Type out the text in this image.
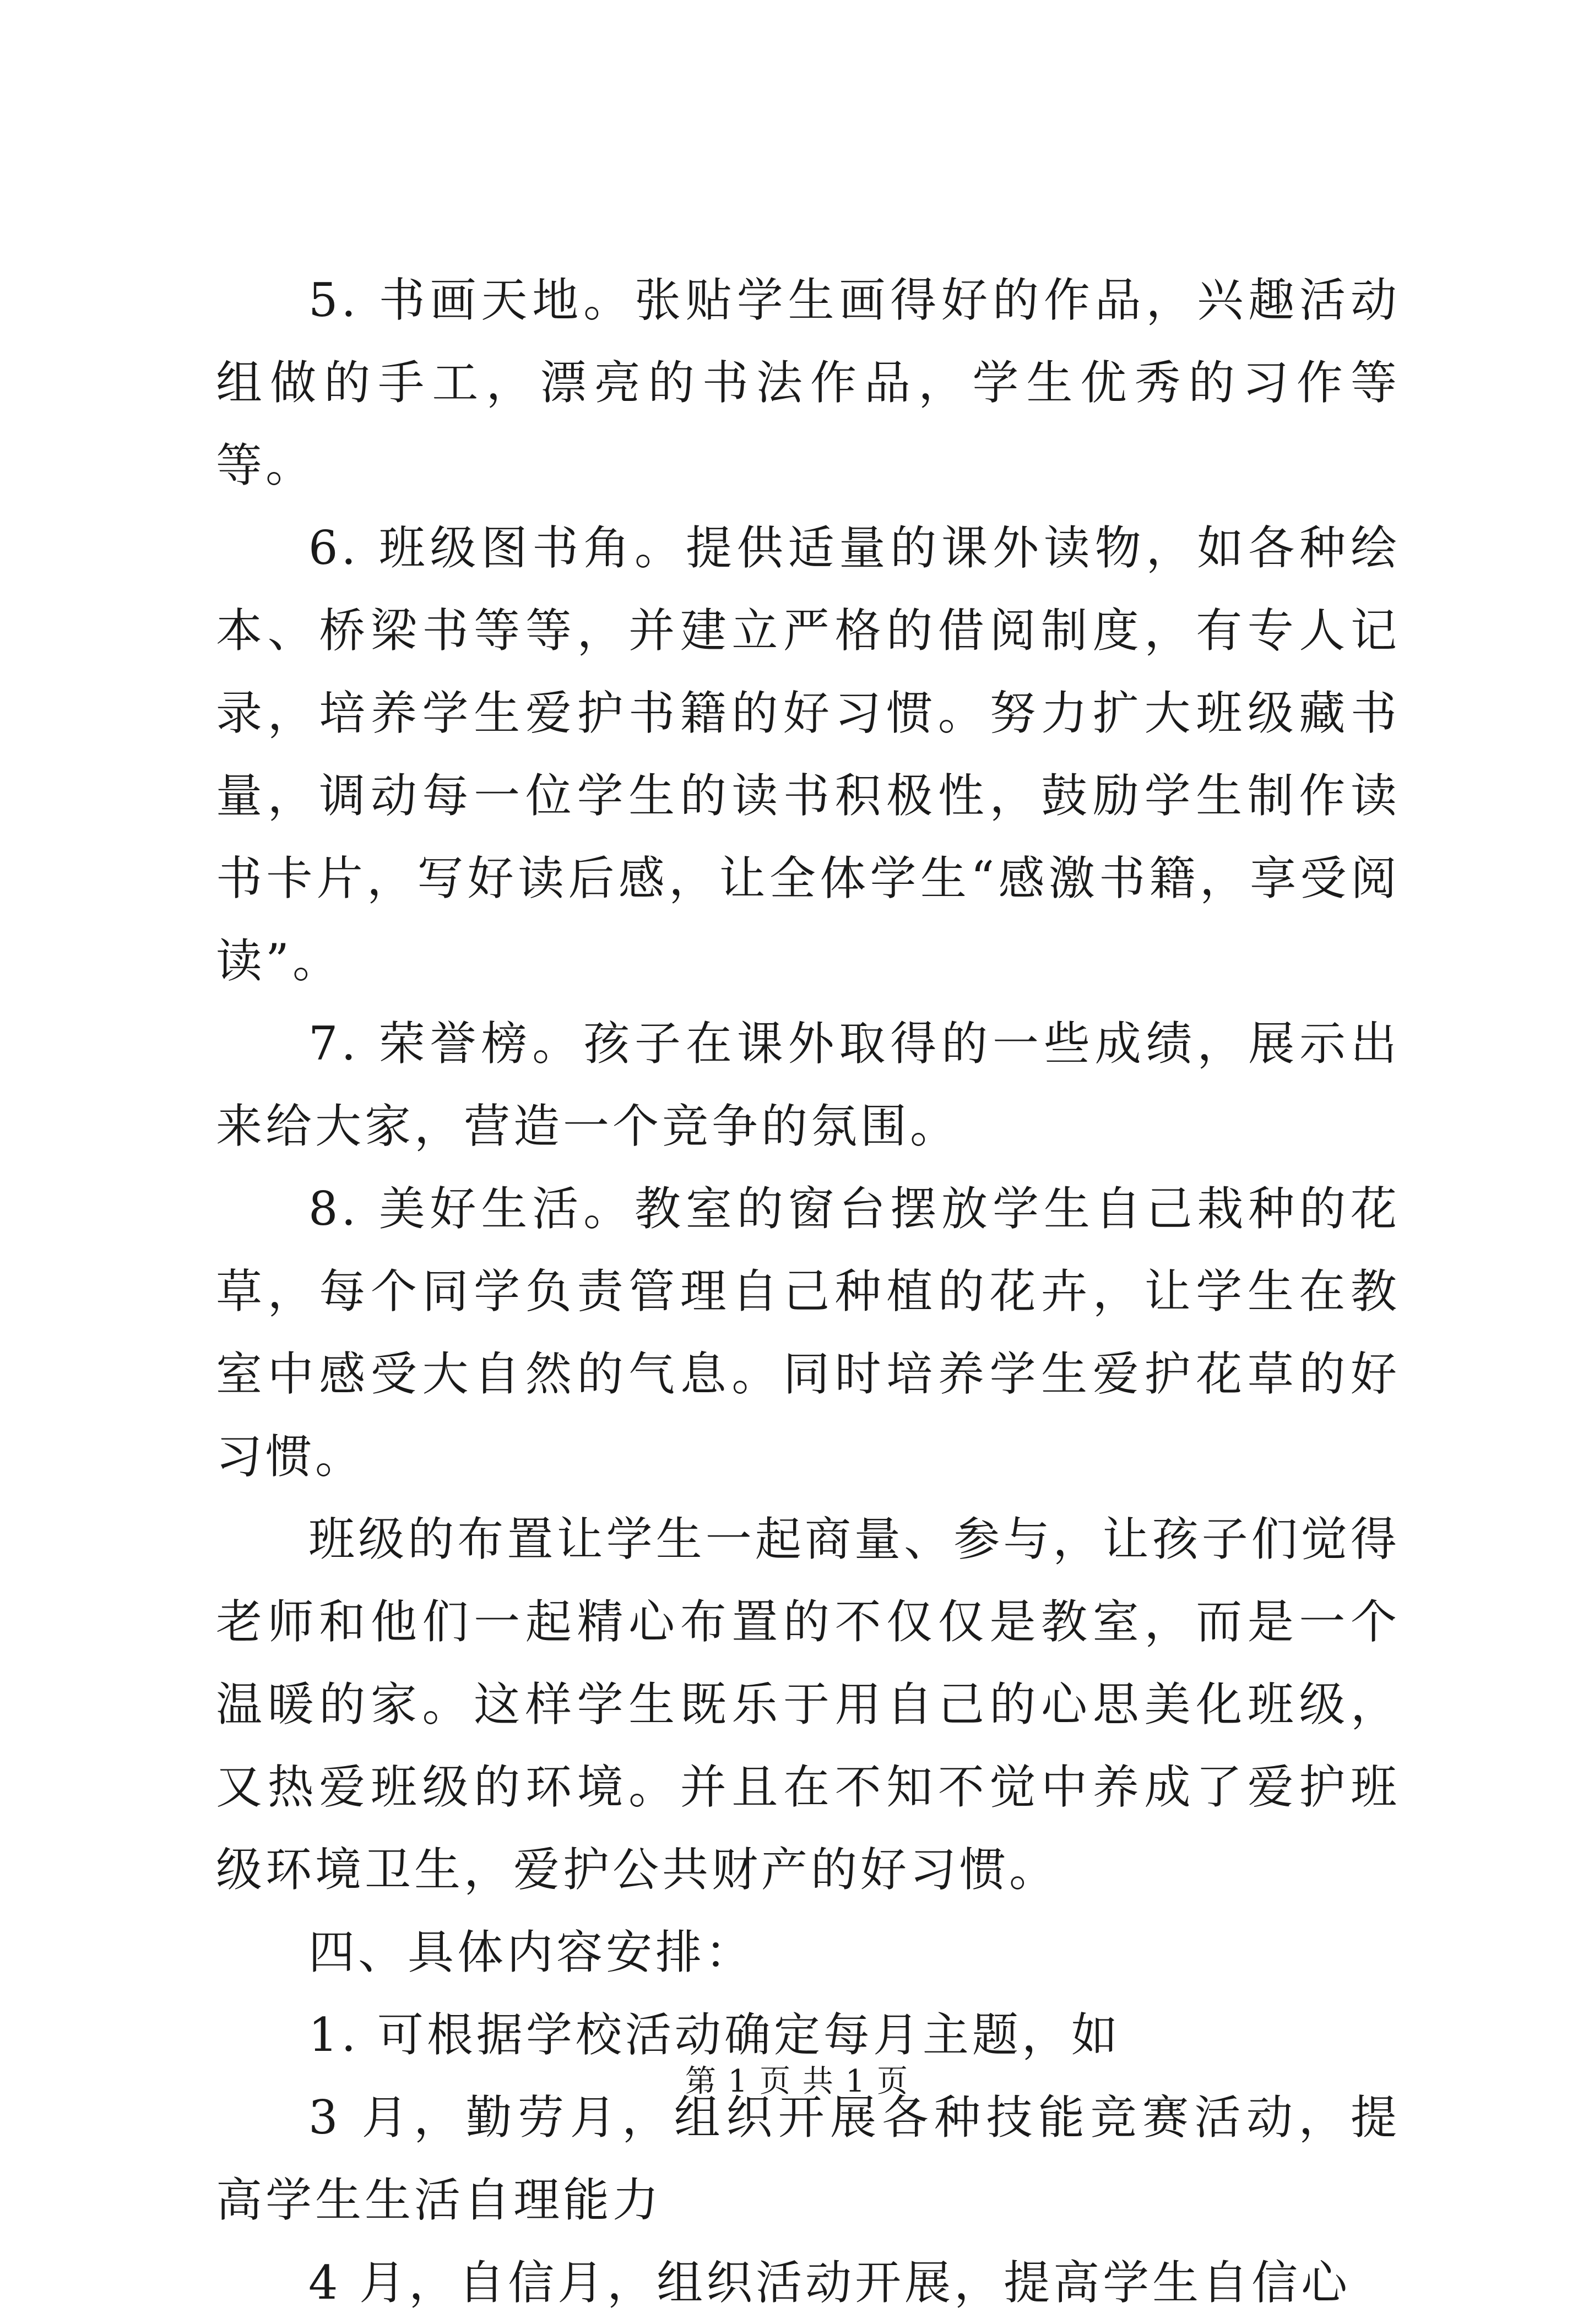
5. 书画天地。张贴学生画得好的作品，兴趣活动组做的手工，漂亮的书法作品，学生优秀的习作等等。

6. 班级图书角。提供适量的课外读物，如各种绘本、桥梁书等等，并建立严格的借阅制度，有专人记录，培养学生爱护书籍的好习惯。努力扩大班级藏书量，调动每一位学生的读书积极性，鼓励学生制作读书卡片，写好读后感，让全体学生“感激书籍，享受阅读”。

7. 荣誉榜。孩子在课外取得的一些成绩，展示出来给大家，营造一个竞争的氛围。

8. 美好生活。教室的窗台摆放学生自己栽种的花草，每个同学负责管理自己种植的花卉，让学生在教室中感受大自然的气息。同时培养学生爱护花草的好习惯。

班级的布置让学生一起商量、参与，让孩子们觉得老师和他们一起精心布置的不仅仅是教室，而是一个温暖的家。这样学生既乐于用自己的心思美化班级，又热爱班级的环境。并且在不知不觉中养成了爱护班级环境卫生，爱护公共财产的好习惯。

四、具体内容安排：

1. 可根据学校活动确定每月主题，如

3 月，勤劳月，组织开展各种技能竞赛活动，提高学生生活自理能力

4 月，自信月，组织活动开展，提高学生自信心

第 1 页 共 1 页
